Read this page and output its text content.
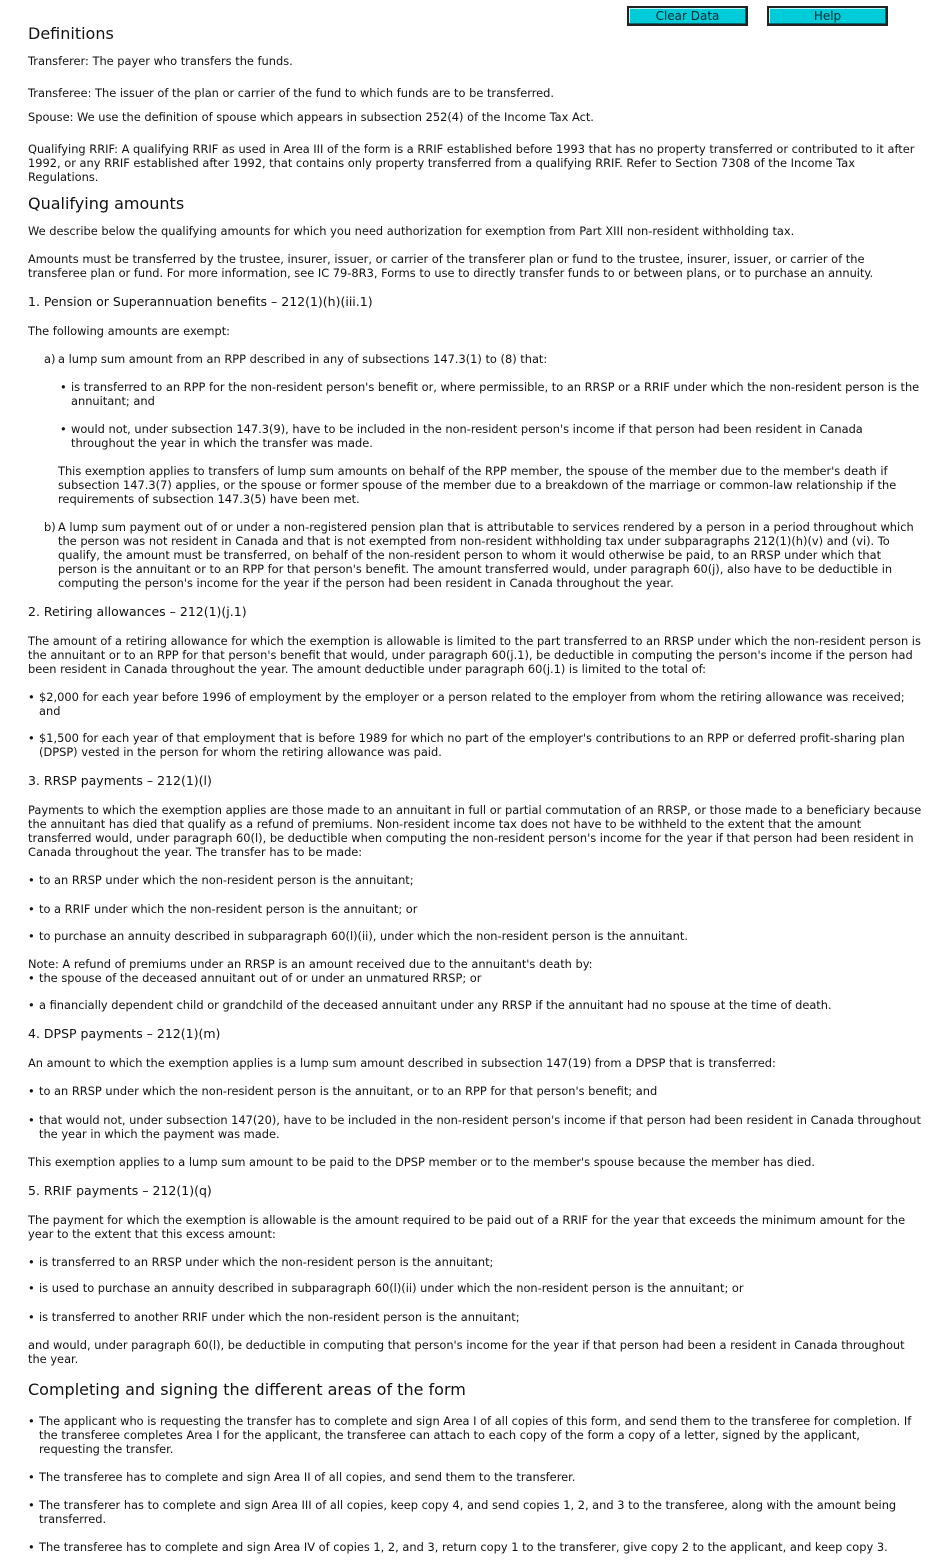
Clear Data	Help
Definitions

Transferer: The payer who transfers the funds.

Transferee: The issuer of the plan or carrier of the fund to which funds are to be transferred.

Spouse: We use the definition of spouse which appears in subsection 252(4) of the Income Tax Act.

Qualifying RRIF: A qualifying RRIF as used in Area III of the form is a RRIF established before 1993 that has no property transferred or contributed to it after 1992, or any RRIF established after 1992, that contains only property transferred from a qualifying RRIF. Refer to Section 7308 of the Income Tax Regulations.

Qualifying amounts

We describe below the qualifying amounts for which you need authorization for exemption from Part XIII non-resident withholding tax.

Amounts must be transferred by the trustee, insurer, issuer, or carrier of the transferer plan or fund to the trustee, insurer, issuer, or carrier of the transferee plan or fund. For more information, see IC 79-8R3, Forms to use to directly transfer funds to or between plans, or to purchase an annuity.

1. Pension or Superannuation benefits – 212(1)(h)(iii.1)

The following amounts are exempt:

a) a lump sum amount from an RPP described in any of subsections 147.3(1) to (8) that:
• is transferred to an RPP for the non-resident person's benefit or, where permissible, to an RRSP or a RRIF under which the non-resident person is the annuitant; and
• would not, under subsection 147.3(9), have to be included in the non-resident person's income if that person had been resident in Canada throughout the year in which the transfer was made.

This exemption applies to transfers of lump sum amounts on behalf of the RPP member, the spouse of the member due to the member's death if subsection 147.3(7) applies, or the spouse or former spouse of the member due to a breakdown of the marriage or common-law relationship if the requirements of subsection 147.3(5) have been met.

b) A lump sum payment out of or under a non-registered pension plan that is attributable to services rendered by a person in a period throughout which the person was not resident in Canada and that is not exempted from non-resident withholding tax under subparagraphs 212(1)(h)(v) and (vi). To qualify, the amount must be transferred, on behalf of the non-resident person to whom it would otherwise be paid, to an RRSP under which that person is the annuitant or to an RPP for that person's benefit. The amount transferred would, under paragraph 60(j), also have to be deductible in computing the person's income for the year if the person had been resident in Canada throughout the year.
2. Retiring allowances – 212(1)(j.1)

The amount of a retiring allowance for which the exemption is allowable is limited to the part transferred to an RRSP under which the non-resident person is the annuitant or to an RPP for that person's benefit that would, under paragraph 60(j.1), be deductible in computing the person's income if the person had been resident in Canada throughout the year. The amount deductible under paragraph 60(j.1) is limited to the total of:

• $2,000 for each year before 1996 of employment by the employer or a person related to the employer from whom the retiring allowance was received; and
• $1,500 for each year of that employment that is before 1989 for which no part of the employer's contributions to an RPP or deferred profit-sharing plan (DPSP) vested in the person for whom the retiring allowance was paid.
3. RRSP payments – 212(1)(l)

Payments to which the exemption applies are those made to an annuitant in full or partial commutation of an RRSP, or those made to a beneficiary because the annuitant has died that qualify as a refund of premiums. Non-resident income tax does not have to be withheld to the extent that the amount transferred would, under paragraph 60(l), be deductible when computing the non-resident person's income for the year if that person had been resident in Canada throughout the year. The transfer has to be made:

• to an RRSP under which the non-resident person is the annuitant;
• to a RRIF under which the non-resident person is the annuitant; or
• to purchase an annuity described in subparagraph 60(l)(ii), under which the non-resident person is the annuitant.

Note: A refund of premiums under an RRSP is an amount received due to the annuitant's death by:

• the spouse of the deceased annuitant out of or under an unmatured RRSP; or
• a financially dependent child or grandchild of the deceased annuitant under any RRSP if the annuitant had no spouse at the time of death.
4. DPSP payments – 212(1)(m)

An amount to which the exemption applies is a lump sum amount described in subsection 147(19) from a DPSP that is transferred:

• to an RRSP under which the non-resident person is the annuitant, or to an RPP for that person's benefit; and
• that would not, under subsection 147(20), have to be included in the non-resident person's income if that person had been resident in Canada throughout the year in which the payment was made.

This exemption applies to a lump sum amount to be paid to the DPSP member or to the member's spouse because the member has died.

5. RRIF payments – 212(1)(q)

The payment for which the exemption is allowable is the amount required to be paid out of a RRIF for the year that exceeds the minimum amount for the year to the extent that this excess amount:

• is transferred to an RRSP under which the non-resident person is the annuitant;
• is used to purchase an annuity described in subparagraph 60(l)(ii) under which the non-resident person is the annuitant; or
• is transferred to another RRIF under which the non-resident person is the annuitant;

and would, under paragraph 60(l), be deductible in computing that person's income for the year if that person had been a resident in Canada throughout the year.

Completing and signing the different areas of the form
• The applicant who is requesting the transfer has to complete and sign Area I of all copies of this form, and send them to the transferee for completion. If the transferee completes Area I for the applicant, the transferee can attach to each copy of the form a copy of a letter, signed by the applicant, requesting the transfer.
• The transferee has to complete and sign Area II of all copies, and send them to the transferer.
• The transferer has to complete and sign Area III of all copies, keep copy 4, and send copies 1, 2, and 3 to the transferee, along with the amount being transferred.
• The transferee has to complete and sign Area IV of copies 1, 2, and 3, return copy 1 to the transferer, give copy 2 to the applicant, and keep copy 3.
